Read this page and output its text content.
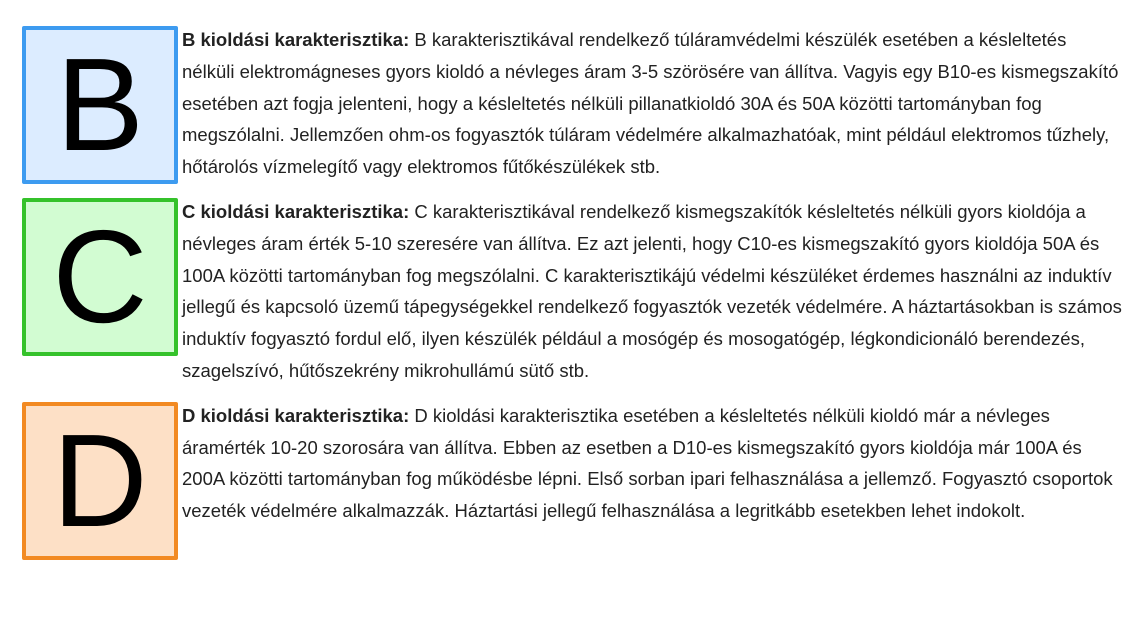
B	B kioldási karakterisztika: B karakterisztikával rendelkező túláramvédelmi készülék esetében a késleltetés nélküli elektromágneses gyors kioldó a névleges áram 3-5 szörösére van állítva. Vagyis egy B10-es kismegszakító esetében azt fogja jelenteni, hogy a késleltetés nélküli pillanatkioldó 30A és 50A közötti tartományban fog megszólalni. Jellemzően ohm-os fogyasztók túláram védelmére alkalmazhatóak, mint például elektromos tűzhely, hőtárolós vízmelegítő vagy elektromos fűtőkészülékek stb.

C	C kioldási karakterisztika: C karakterisztikával rendelkező kismegszakítók késleltetés nélküli gyors kioldója a névleges áram érték 5-10 szeresére van állítva. Ez azt jelenti, hogy C10-es kismegszakító gyors kioldója 50A és 100A közötti tartományban fog megszólalni. C karakterisztikájú védelmi készüléket érdemes használni az induktív jellegű és kapcsoló üzemű tápegységekkel rendelkező fogyasztók vezeték védelmére. A háztartásokban is számos induktív fogyasztó fordul elő, ilyen készülék például a mosógép és mosogatógép, légkondicionáló berendezés, szagelszívó, hűtőszekrény mikrohullámú sütő stb.

D	D kioldási karakterisztika: D kioldási karakterisztika esetében a késleltetés nélküli kioldó már a névleges áramérték 10-20 szorosára van állítva. Ebben az esetben a D10-es kismegszakító gyors kioldója már 100A és 200A közötti tartományban fog működésbe lépni. Első sorban ipari felhasználása a jellemző. Fogyasztó csoportok vezeték védelmére alkalmazzák. Háztartási jellegű felhasználása a legritkább esetekben lehet indokolt.
